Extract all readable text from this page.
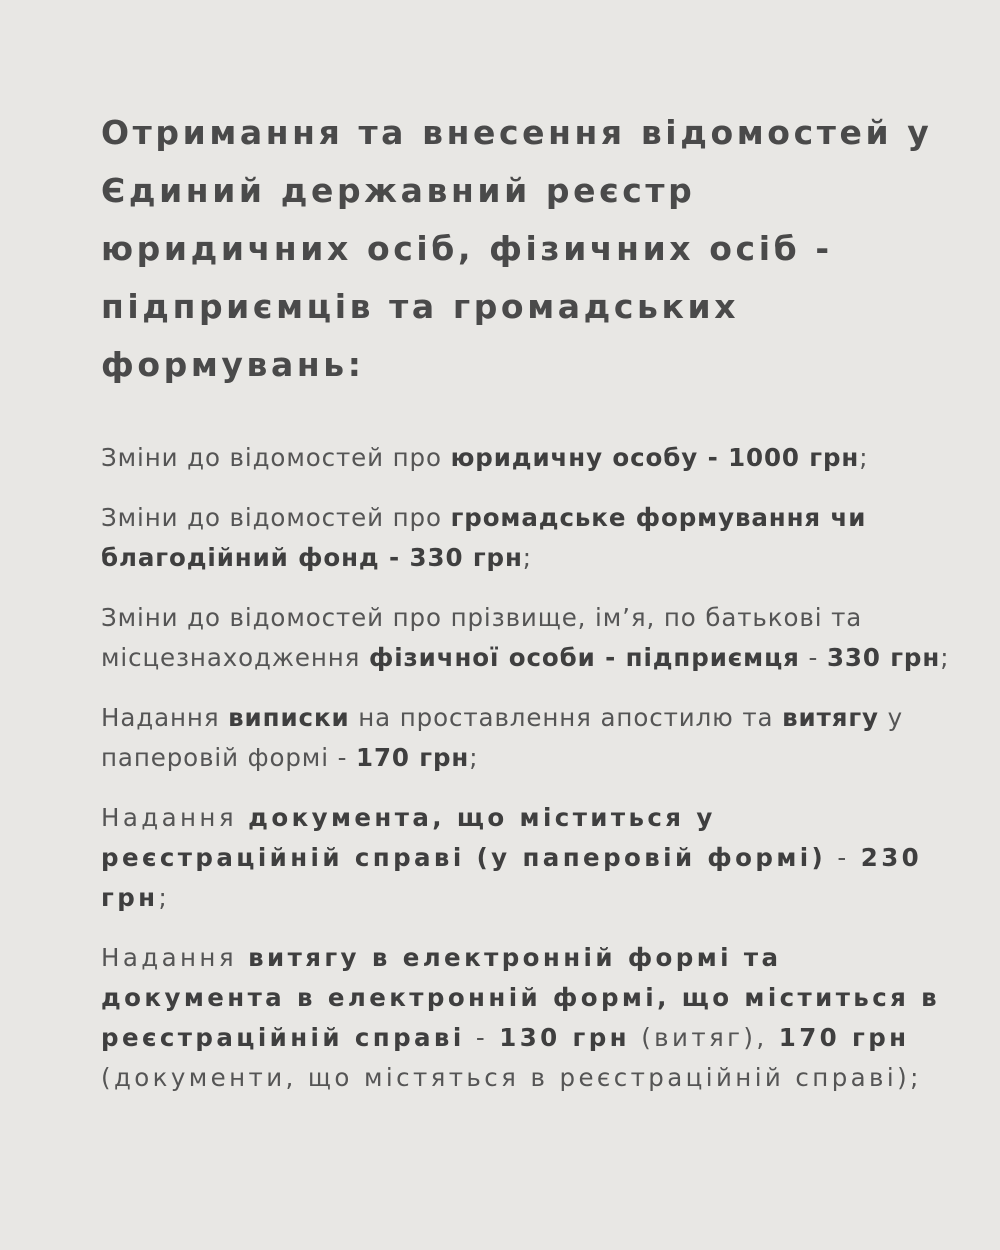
Отримання та внесення відомостей у Єдиний державний реєстр юридичних осіб, фізичних осіб - підприємців та громадських формувань:
Зміни до відомостей про юридичну особу - 1000 грн;
Зміни до відомостей про громадське формування чи благодійний фонд - 330 грн;
Зміни до відомостей про прізвище, ім’я, по батькові та місцезнаходження фізичної особи - підприємця - 330 грн;
Надання виписки на проставлення апостилю та витягу у паперовій формі - 170 грн;
Надання документа, що міститься у реєстраційній справі (у паперовій формі) - 230 грн;
Надання витягу в електронній формі та документа в електронній формі, що міститься в реєстраційній справі - 130 грн (витяг), 170 грн (документи, що містяться в реєстраційній справі);
